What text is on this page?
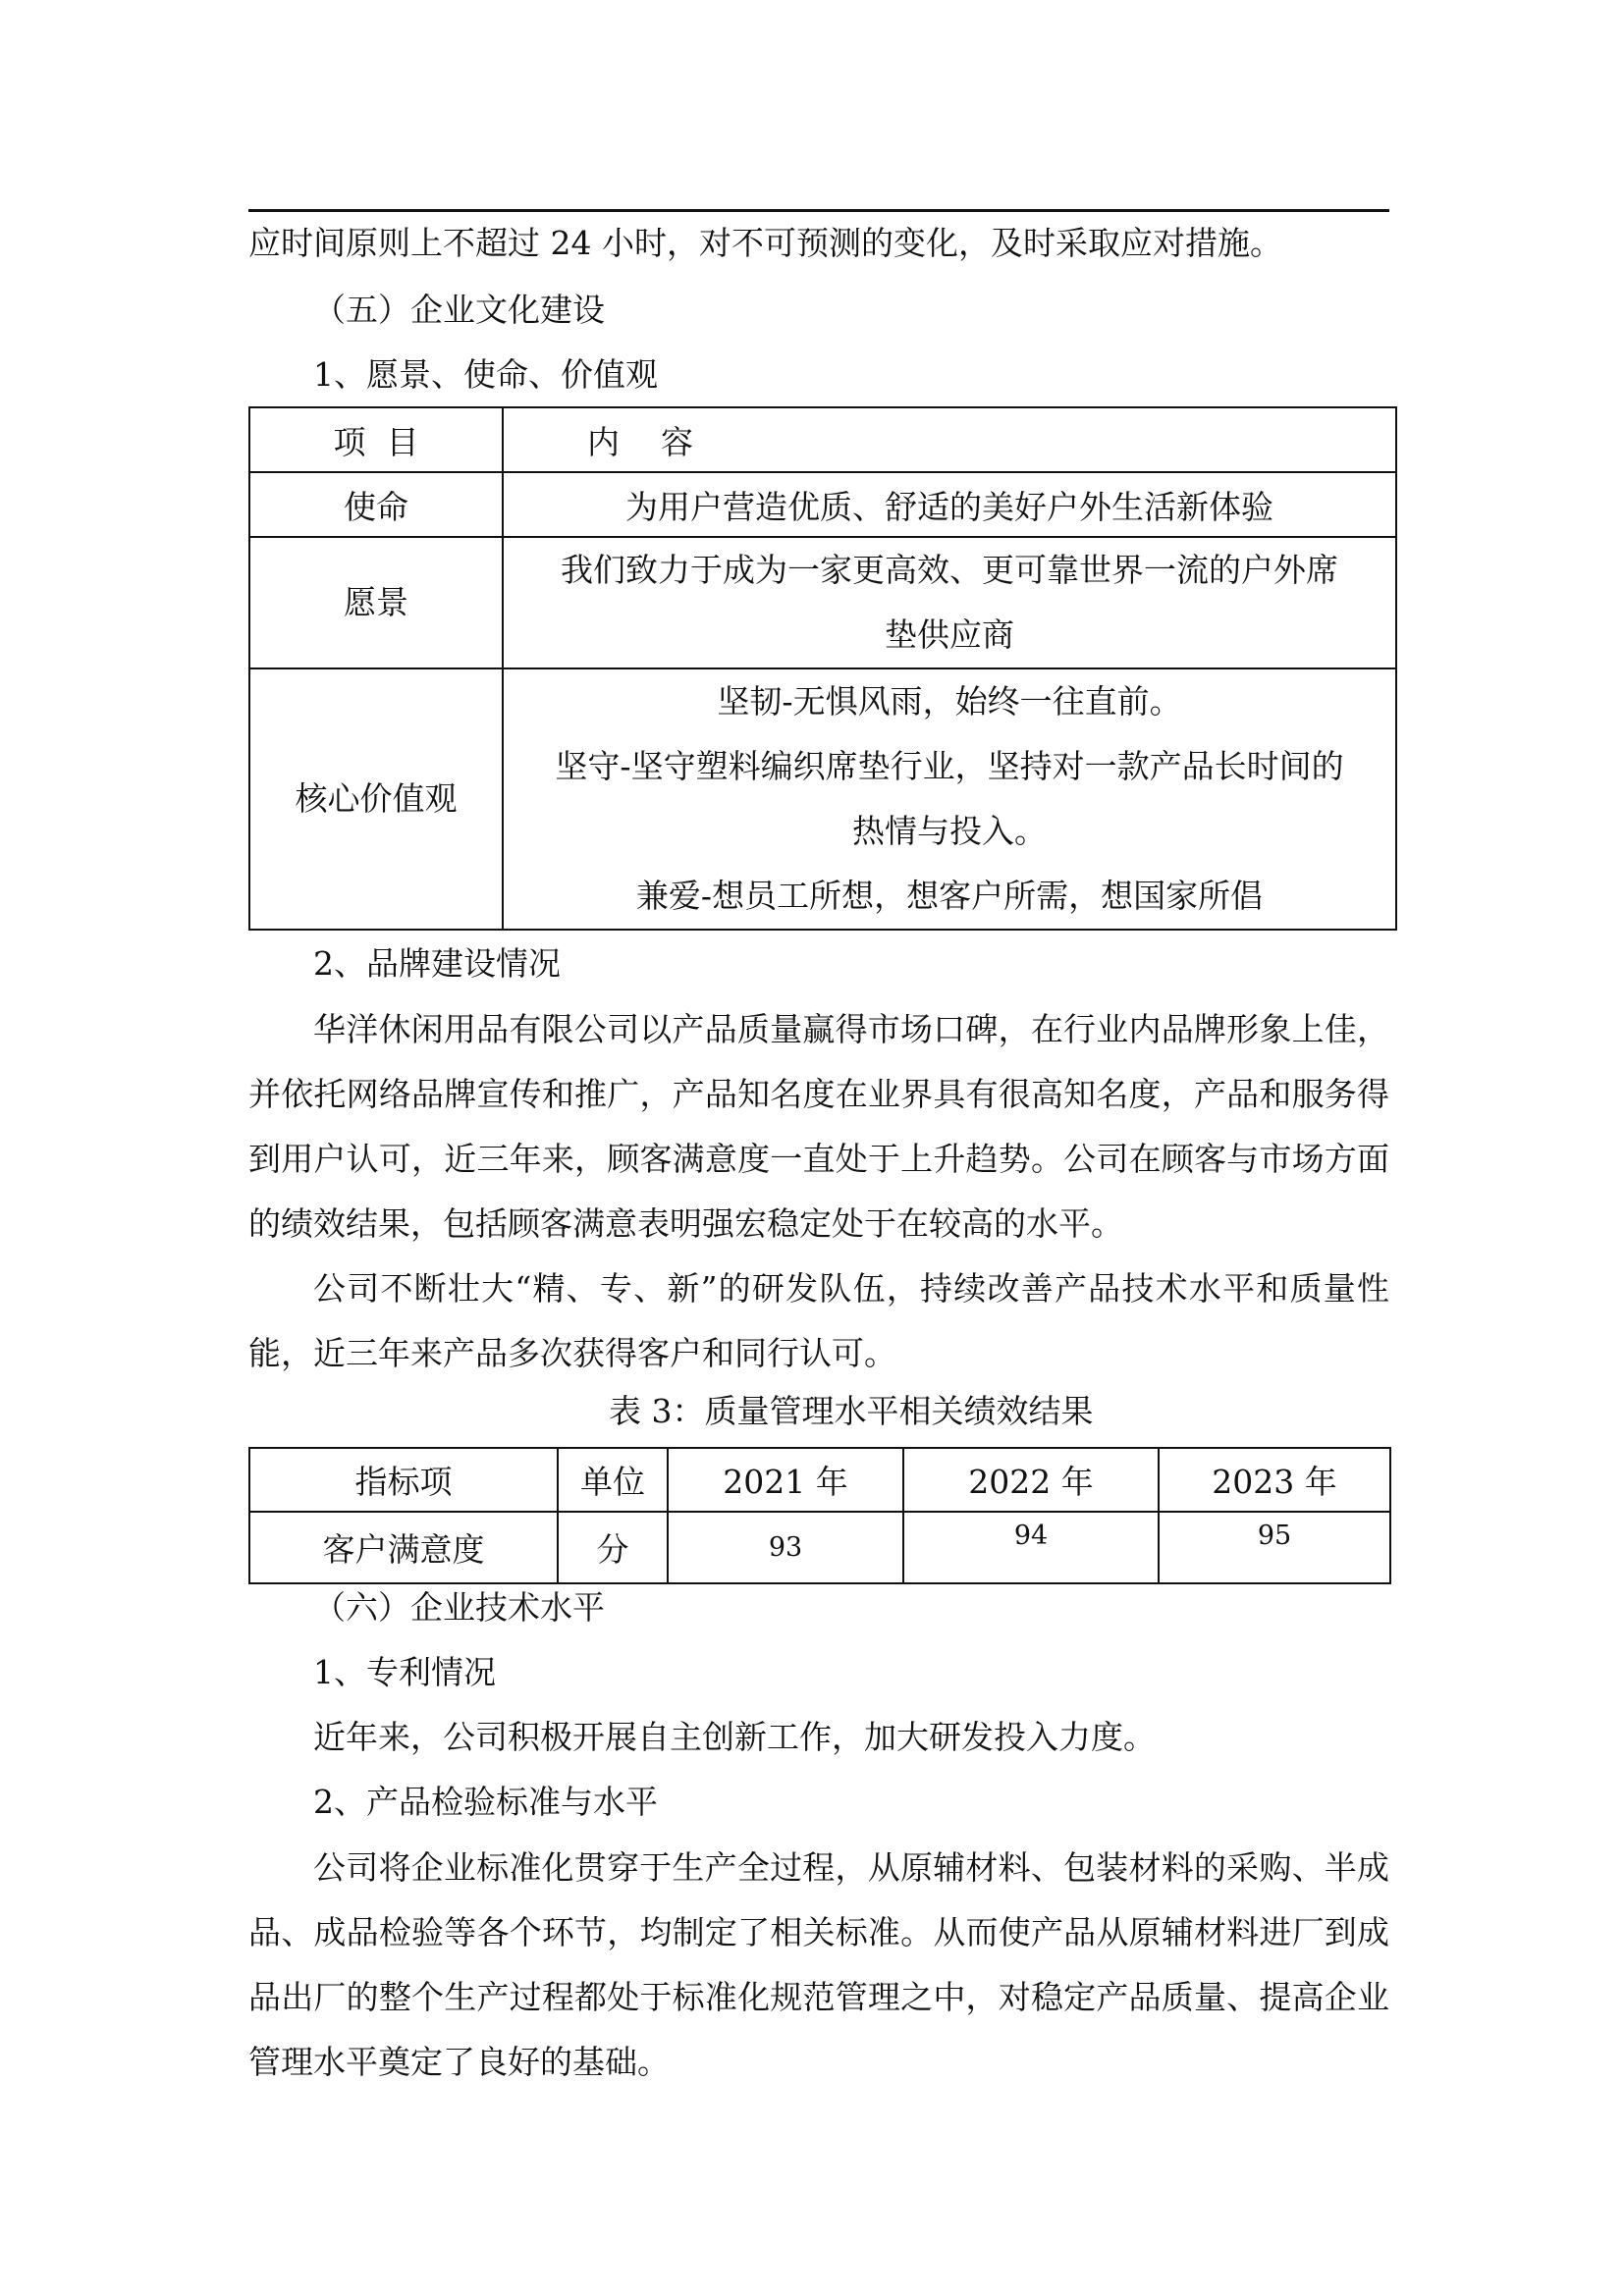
应时间原则上不超过 24 小时，对不可预测的变化，及时采取应对措施。
（五）企业文化建设
1、愿景、使命、价值观
项  目	内    容
使命	为用户营造优质、舒适的美好户外生活新体验
愿景	我们致力于成为一家更高效、更可靠世界一流的户外席
垫供应商

核心价值观	坚韧-无惧风雨，始终一往直前。
坚守-坚守塑料编织席垫行业，坚持对一款产品长时间的
热情与投入。
兼爱-想员工所想，想客户所需，想国家所倡
2、品牌建设情况
华洋休闲用品有限公司以产品质量赢得市场口碑，在行业内品牌形象上佳，并依托网络品牌宣传和推广，产品知名度在业界具有很高知名度，产品和服务得到用户认可，近三年来，顾客满意度一直处于上升趋势。公司在顾客与市场方面的绩效结果，包括顾客满意表明强宏稳定处于在较高的水平。
公司不断壮大“精、专、新”的研发队伍，持续改善产品技术水平和质量性能，近三年来产品多次获得客户和同行认可。
表 3：质量管理水平相关绩效结果
指标项	单位	2021 年	2022 年	2023 年
客户满意度	分	93	94	95
（六）企业技术水平
1、专利情况
近年来，公司积极开展自主创新工作，加大研发投入力度。
2、产品检验标准与水平
公司将企业标准化贯穿于生产全过程，从原辅材料、包装材料的采购、半成品、成品检验等各个环节，均制定了相关标准。从而使产品从原辅材料进厂到成品出厂的整个生产过程都处于标准化规范管理之中，对稳定产品质量、提高企业管理水平奠定了良好的基础。
